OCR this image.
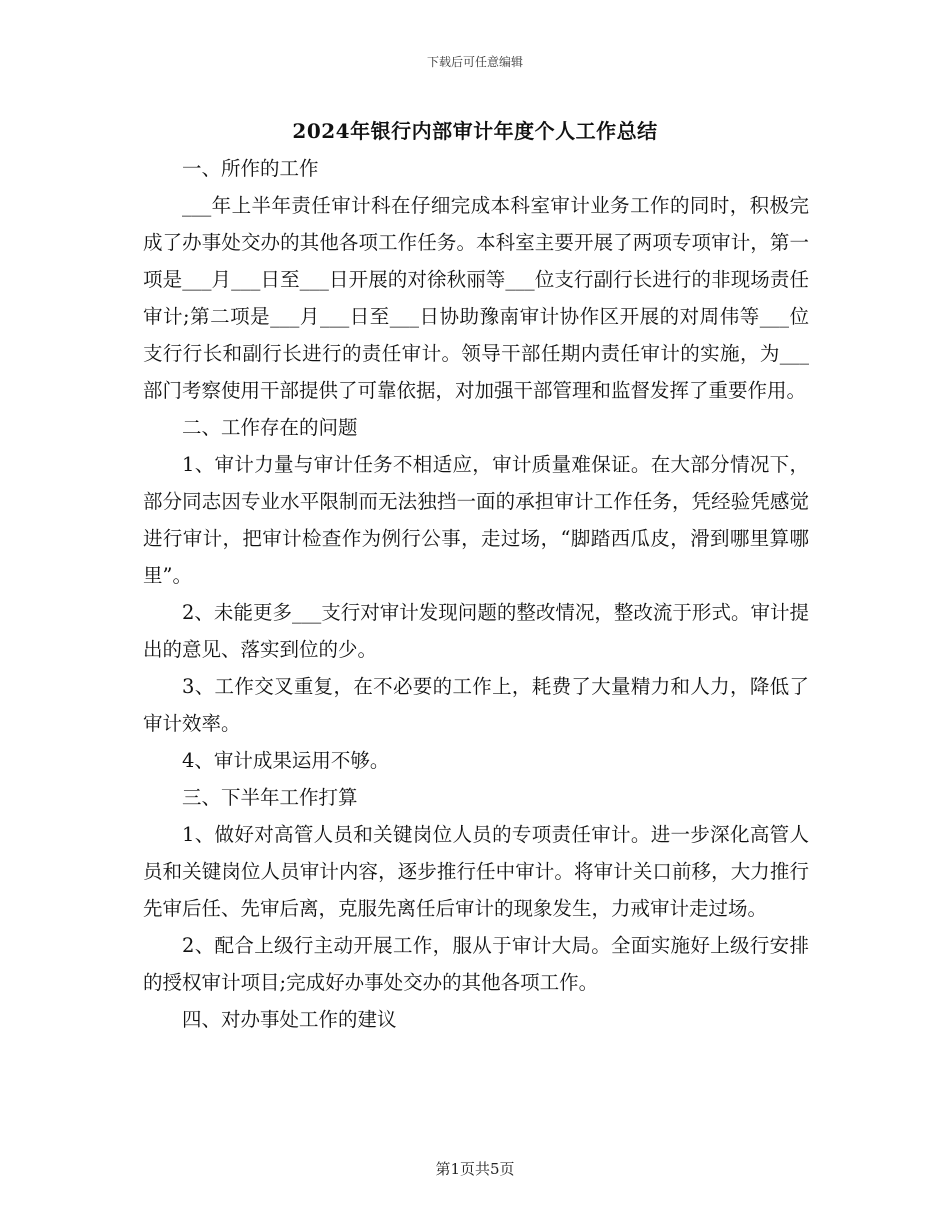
下载后可任意编辑
2024年银行内部审计年度个人工作总结

一、所作的工作

___年上半年责任审计科在仔细完成本科室审计业务工作的同时，积极完成了办事处交办的其他各项工作任务。本科室主要开展了两项专项审计，第一项是___月___日至___日开展的对徐秋丽等___位支行副行长进行的非现场责任审计;第二项是___月___日至___日协助豫南审计协作区开展的对周伟等___位支行行长和副行长进行的责任审计。领导干部任期内责任审计的实施，为___部门考察使用干部提供了可靠依据，对加强干部管理和监督发挥了重要作用。

二、工作存在的问题

1、审计力量与审计任务不相适应，审计质量难保证。在大部分情况下，部分同志因专业水平限制而无法独挡一面的承担审计工作任务，凭经验凭感觉进行审计，把审计检查作为例行公事，走过场，“脚踏西瓜皮，滑到哪里算哪里”。

2、未能更多___支行对审计发现问题的整改情况，整改流于形式。审计提出的意见、落实到位的少。

3、工作交叉重复，在不必要的工作上，耗费了大量精力和人力，降低了审计效率。

4、审计成果运用不够。

三、下半年工作打算

1、做好对高管人员和关键岗位人员的专项责任审计。进一步深化高管人员和关键岗位人员审计内容，逐步推行任中审计。将审计关口前移，大力推行先审后任、先审后离，克服先离任后审计的现象发生，力戒审计走过场。

2、配合上级行主动开展工作，服从于审计大局。全面实施好上级行安排的授权审计项目;完成好办事处交办的其他各项工作。

四、对办事处工作的建议

第1页共5页
